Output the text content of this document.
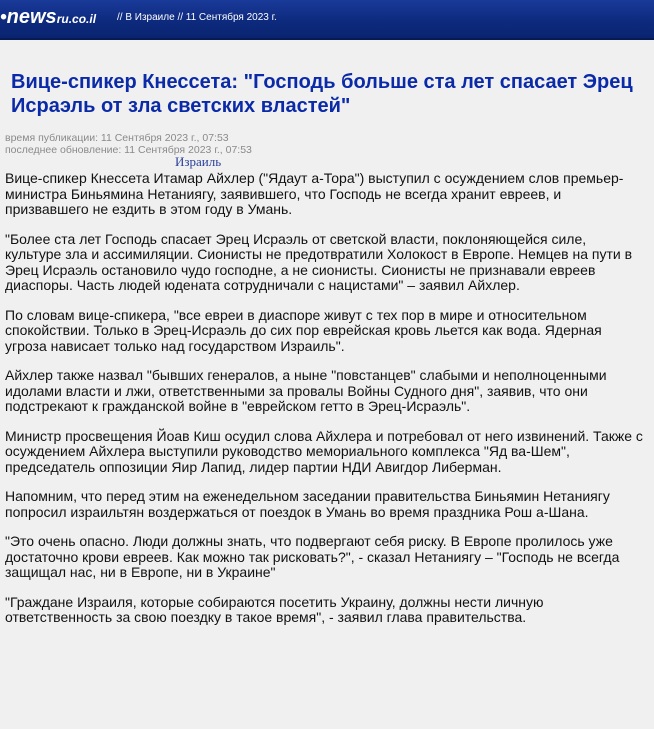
•newsru.co.il // В Израиле // 11 Сентября 2023 г.
Вице-спикер Кнессета: "Господь больше ста лет спасает Эрец Исраэль от зла светских властей"
время публикации: 11 Сентября 2023 г., 07:53
последнее обновление: 11 Сентября 2023 г., 07:53
Израиль

Вице-спикер Кнессета Итамар Айхлер ("Ядаут а-Тора") выступил с осуждением слов премьер-министра Биньямина Нетаниягу, заявившего, что Господь не всегда хранит евреев, и призвавшего не ездить в этом году в Умань.

"Более ста лет Господь спасает Эрец Исраэль от светской власти, поклоняющейся силе, культуре зла и ассимиляции. Сионисты не предотвратили Холокост в Европе. Немцев на пути в Эрец Исраэль остановило чудо господне, а не сионисты. Сионисты не признавали евреев диаспоры. Часть людей юдената сотрудничали с нацистами" – заявил Айхлер.

По словам вице-спикера, "все евреи в диаспоре живут с тех пор в мире и относительном спокойствии. Только в Эрец-Исраэль до сих пор еврейская кровь льется как вода. Ядерная угроза нависает только над государством Израиль".

Айхлер также назвал "бывших генералов, а ныне "повстанцев" слабыми и неполноценными идолами власти и лжи, ответственными за провалы Войны Судного дня", заявив, что они подстрекают к гражданской войне в "еврейском гетто в Эрец-Исраэль".

Министр просвещения Йоав Киш осудил слова Айхлера и потребовал от него извинений. Также с осуждением Айхлера выступили руководство мемориального комплекса "Яд ва-Шем", председатель оппозиции Яир Лапид, лидер партии НДИ Авигдор Либерман.

Напомним, что перед этим на еженедельном заседании правительства Биньямин Нетаниягу попросил израильтян воздержаться от поездок в Умань во время праздника Рош а-Шана.

"Это очень опасно. Люди должны знать, что подвергают себя риску. В Европе пролилось уже достаточно крови евреев. Как можно так рисковать?", - сказал Нетаниягу – "Господь не всегда защищал нас, ни в Европе, ни в Украине"

"Граждане Израиля, которые собираются посетить Украину, должны нести личную ответственность за свою поездку в такое время", - заявил глава правительства.
